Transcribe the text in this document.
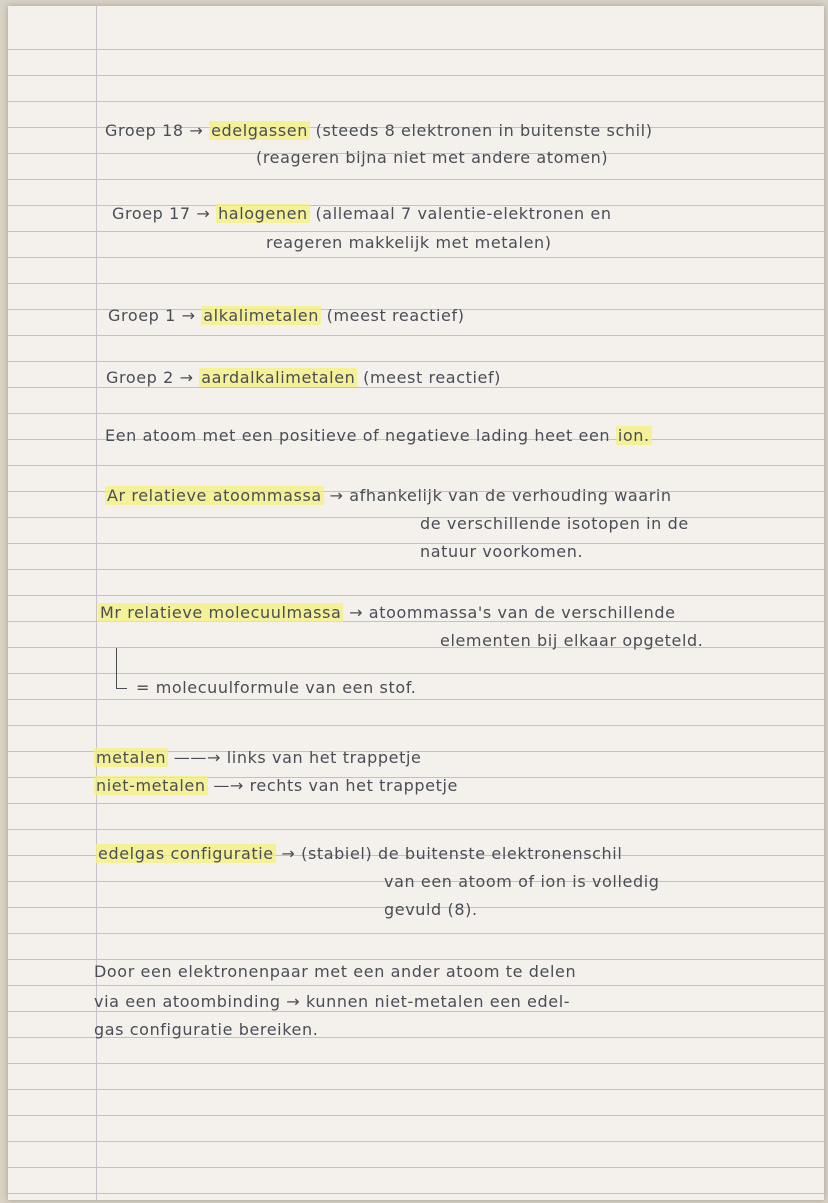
Groep 18 → edelgassen (steeds 8 elektronen in buitenste schil)
(reageren bijna niet met andere atomen)
Groep 17 → halogenen (allemaal 7 valentie-elektronen en
reageren makkelijk met metalen)
Groep 1 → alkalimetalen (meest reactief)
Groep 2 → aardalkalimetalen (meest reactief)
Een atoom met een positieve of negatieve lading heet een ion.
Ar relatieve atoommassa → afhankelijk van de verhouding waarin
de verschillende isotopen in de
natuur voorkomen.
Mr relatieve molecuulmassa → atoommassa's van de verschillende
elementen bij elkaar opgeteld.
= molecuulformule van een stof.
metalen ——→ links van het trappetje
niet-metalen —→ rechts van het trappetje
edelgas configuratie → (stabiel) de buitenste elektronenschil
van een atoom of ion is volledig
gevuld (8).
Door een elektronenpaar met een ander atoom te delen
via een atoombinding → kunnen niet-metalen een edel-
gas configuratie bereiken.
